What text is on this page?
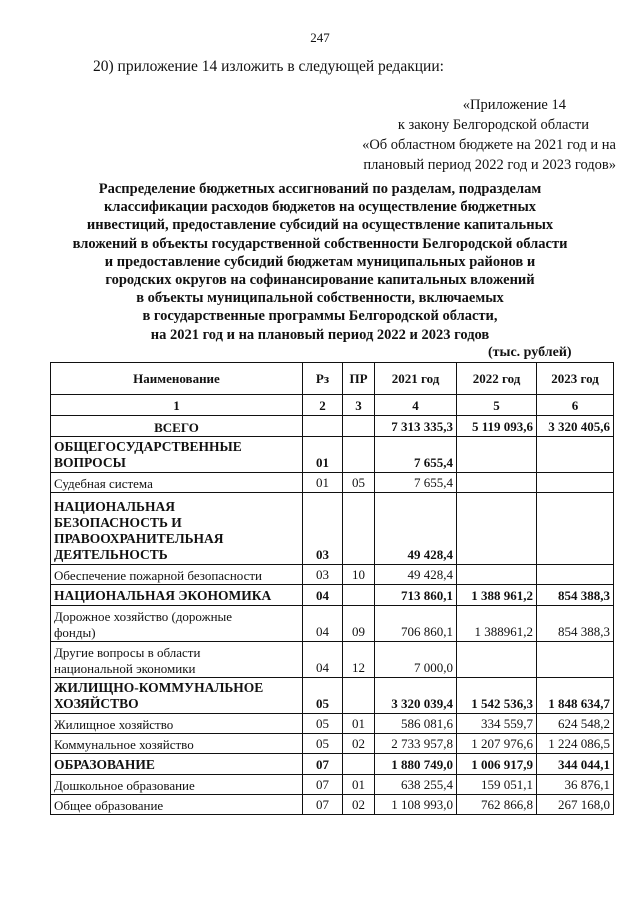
247
20) приложение 14 изложить в следующей редакции:
«Приложение 14
к закону Белгородской области
«Об областном бюджете на 2021 год и на
плановый период 2022 год и 2023 годов»
Распределение бюджетных ассигнований по разделам, подразделам
классификации расходов бюджетов на осуществление бюджетных
инвестиций, предоставление субсидий на осуществление капитальных
вложений в объекты государственной собственности Белгородской области
и предоставление субсидий бюджетам муниципальных районов и
городских округов на софинансирование капитальных вложений
в объекты муниципальной собственности, включаемых
в государственные программы Белгородской области,
на 2021 год и на плановый период 2022 и 2023 годов
(тыс. рублей)
Наименование	Рз	ПР	2021 год	2022 год	2023 год
1	2	3	4	5	6
ВСЕГО			7 313 335,3	5 119 093,6	3 320 405,6
ОБЩЕГОСУДАРСТВЕННЫЕ ВОПРОСЫ	01		7 655,4		
Судебная система	01	05	7 655,4		
НАЦИОНАЛЬНАЯ БЕЗОПАСНОСТЬ И ПРАВООХРАНИТЕЛЬНАЯ ДЕЯТЕЛЬНОСТЬ	03		49 428,4		
Обеспечение пожарной безопасности	03	10	49 428,4		
НАЦИОНАЛЬНАЯ ЭКОНОМИКА	04		713 860,1	1 388 961,2	854 388,3
Дорожное хозяйство (дорожные фонды)	04	09	706 860,1	1 388961,2	854 388,3
Другие вопросы в области национальной экономики	04	12	7 000,0		
ЖИЛИЩНО-КОММУНАЛЬНОЕ ХОЗЯЙСТВО	05		3 320 039,4	1 542 536,3	1 848 634,7
Жилищное хозяйство	05	01	586 081,6	334 559,7	624 548,2
Коммунальное хозяйство	05	02	2 733 957,8	1 207 976,6	1 224 086,5
ОБРАЗОВАНИЕ	07		1 880 749,0	1 006 917,9	344 044,1
Дошкольное образование	07	01	638 255,4	159 051,1	36 876,1
Общее образование	07	02	1 108 993,0	762 866,8	267 168,0
